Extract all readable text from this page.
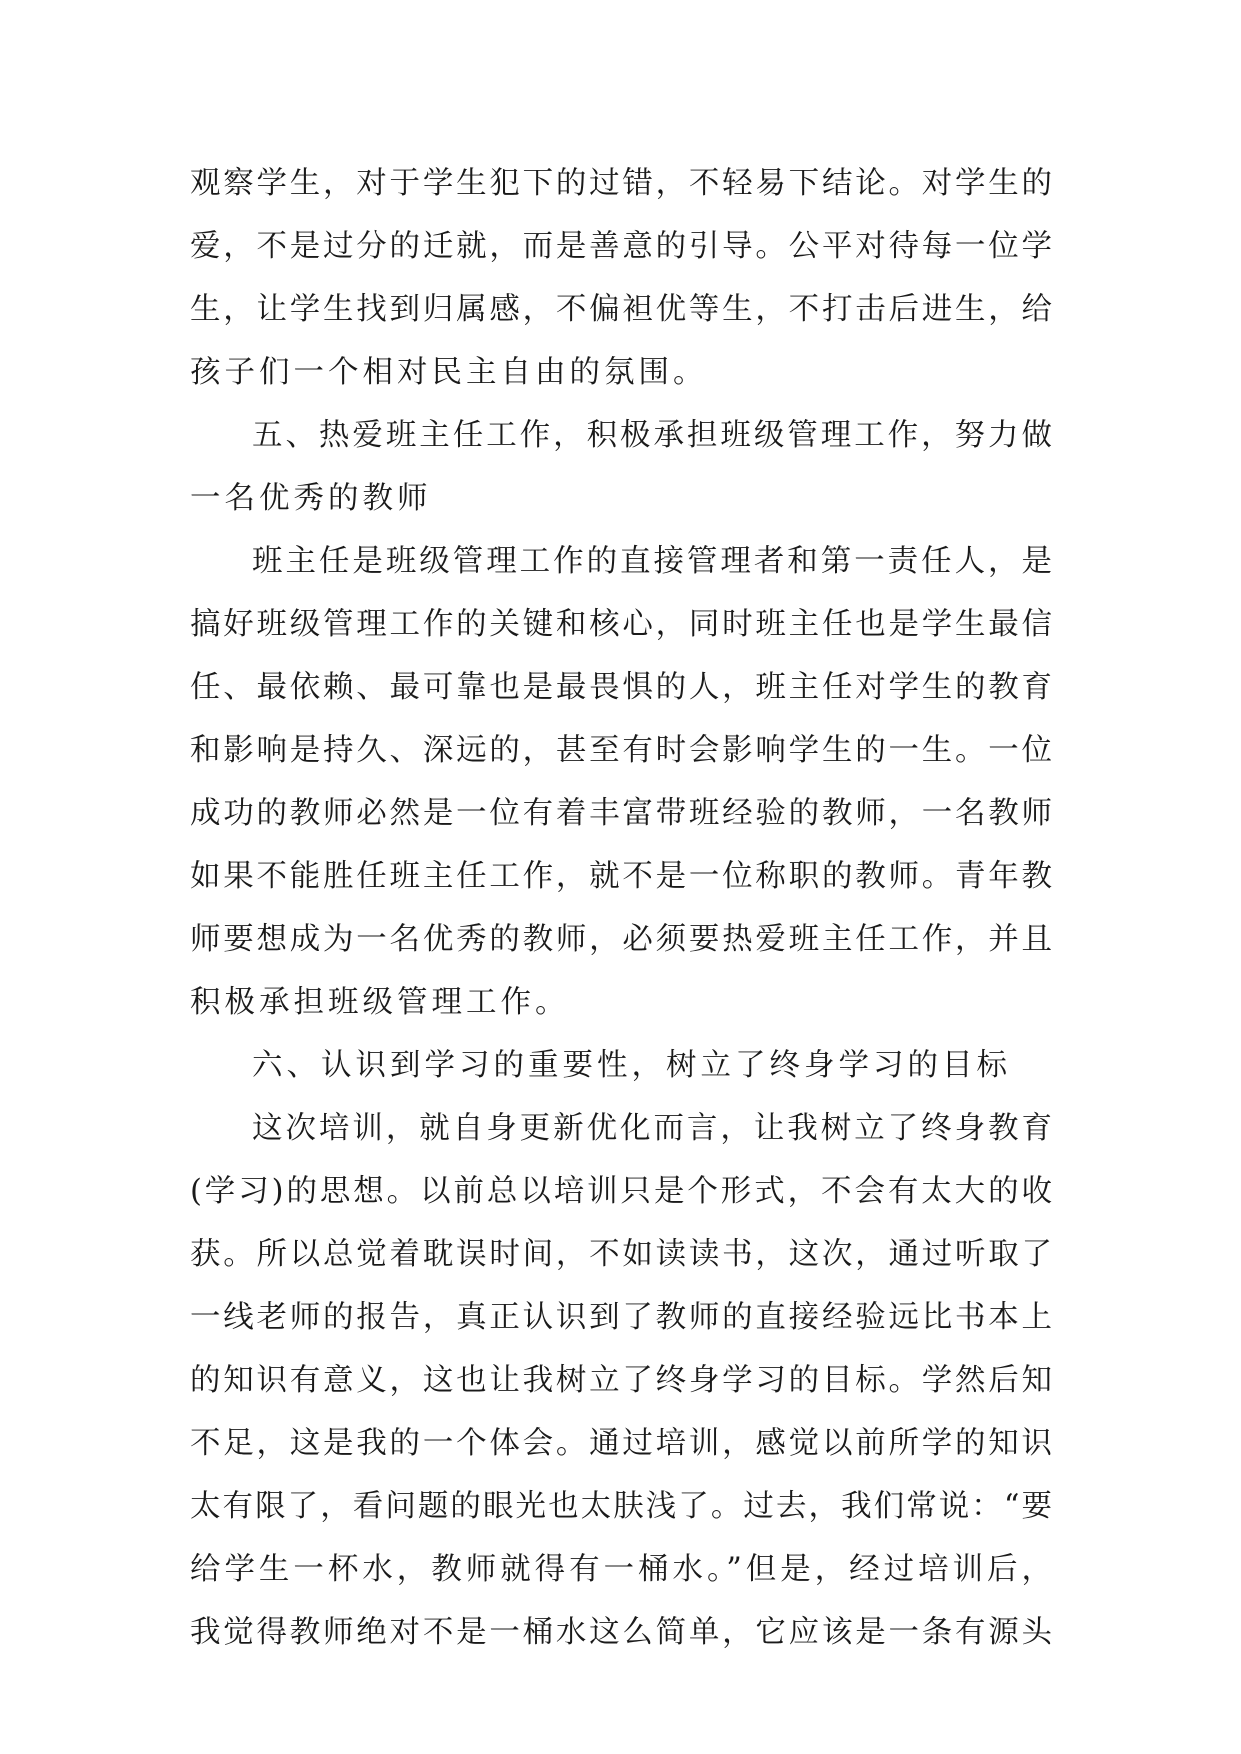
观察学生，对于学生犯下的过错，不轻易下结论。对学生的
爱，不是过分的迁就，而是善意的引导。公平对待每一位学
生，让学生找到归属感，不偏袒优等生，不打击后进生，给
孩子们一个相对民主自由的氛围。
五、热爱班主任工作，积极承担班级管理工作，努力做
一名优秀的教师
班主任是班级管理工作的直接管理者和第一责任人，是
搞好班级管理工作的关键和核心，同时班主任也是学生最信
任、最依赖、最可靠也是最畏惧的人，班主任对学生的教育
和影响是持久、深远的，甚至有时会影响学生的一生。一位
成功的教师必然是一位有着丰富带班经验的教师，一名教师
如果不能胜任班主任工作，就不是一位称职的教师。青年教
师要想成为一名优秀的教师，必须要热爱班主任工作，并且
积极承担班级管理工作。
六、认识到学习的重要性，树立了终身学习的目标
这次培训，就自身更新优化而言，让我树立了终身教育
(学习)的思想。以前总以培训只是个形式，不会有太大的收
获。所以总觉着耽误时间，不如读读书，这次，通过听取了
一线老师的报告，真正认识到了教师的直接经验远比书本上
的知识有意义，这也让我树立了终身学习的目标。学然后知
不足，这是我的一个体会。通过培训，感觉以前所学的知识
太有限了，看问题的眼光也太肤浅了。过去，我们常说：“要
给学生一杯水，教师就得有一桶水。”但是，经过培训后，
我觉得教师绝对不是一桶水这么简单，它应该是一条有源头
